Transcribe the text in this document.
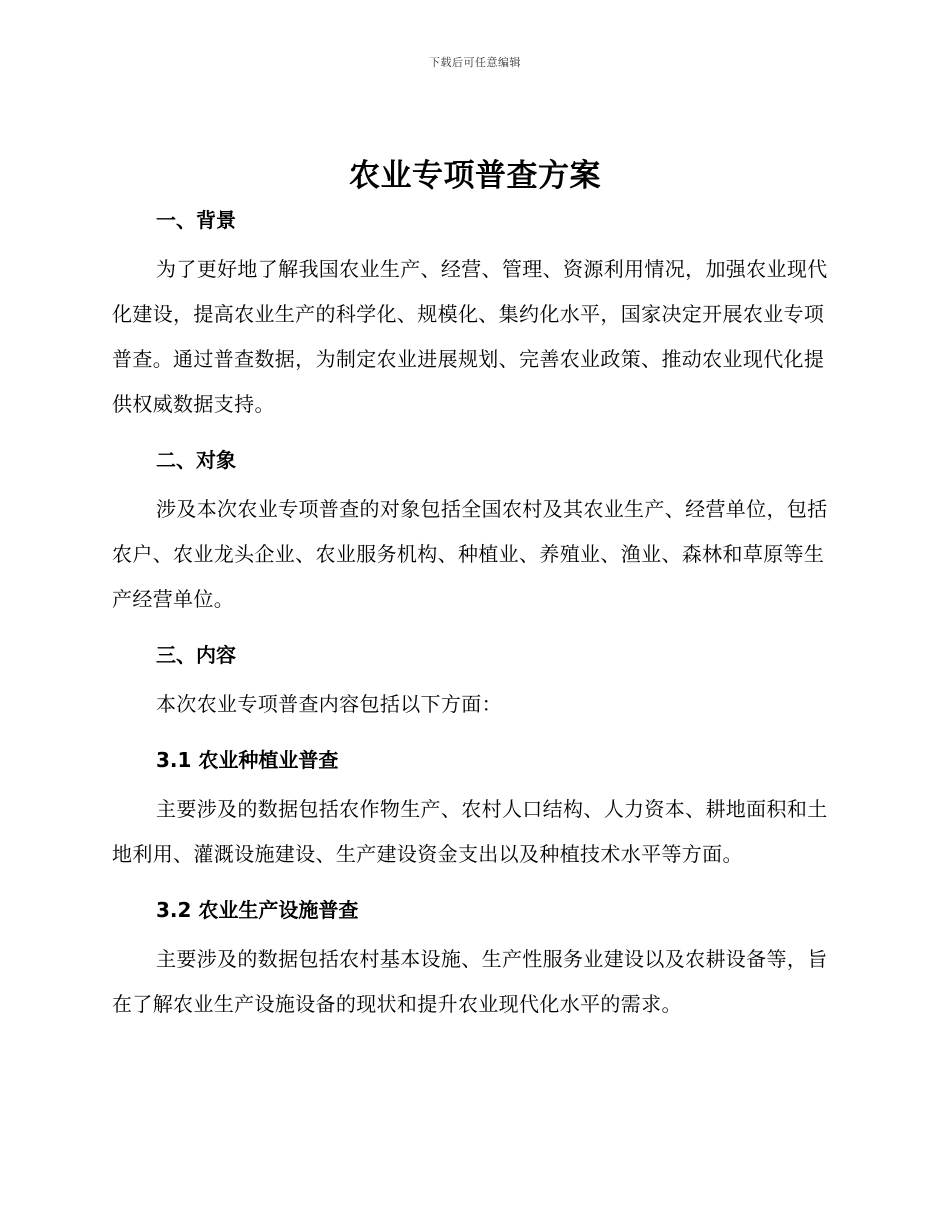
下载后可任意编辑
农业专项普查方案
一、背景

为了更好地了解我国农业生产、经营、管理、资源利用情况，加强农业现代化建设，提高农业生产的科学化、规模化、集约化水平，国家决定开展农业专项普查。通过普查数据，为制定农业进展规划、完善农业政策、推动农业现代化提供权威数据支持。

二、对象

涉及本次农业专项普查的对象包括全国农村及其农业生产、经营单位，包括农户、农业龙头企业、农业服务机构、种植业、养殖业、渔业、森林和草原等生产经营单位。

三、内容

本次农业专项普查内容包括以下方面：

3.1 农业种植业普查

主要涉及的数据包括农作物生产、农村人口结构、人力资本、耕地面积和土地利用、灌溉设施建设、生产建设资金支出以及种植技术水平等方面。

3.2 农业生产设施普查

主要涉及的数据包括农村基本设施、生产性服务业建设以及农耕设备等，旨在了解农业生产设施设备的现状和提升农业现代化水平的需求。
